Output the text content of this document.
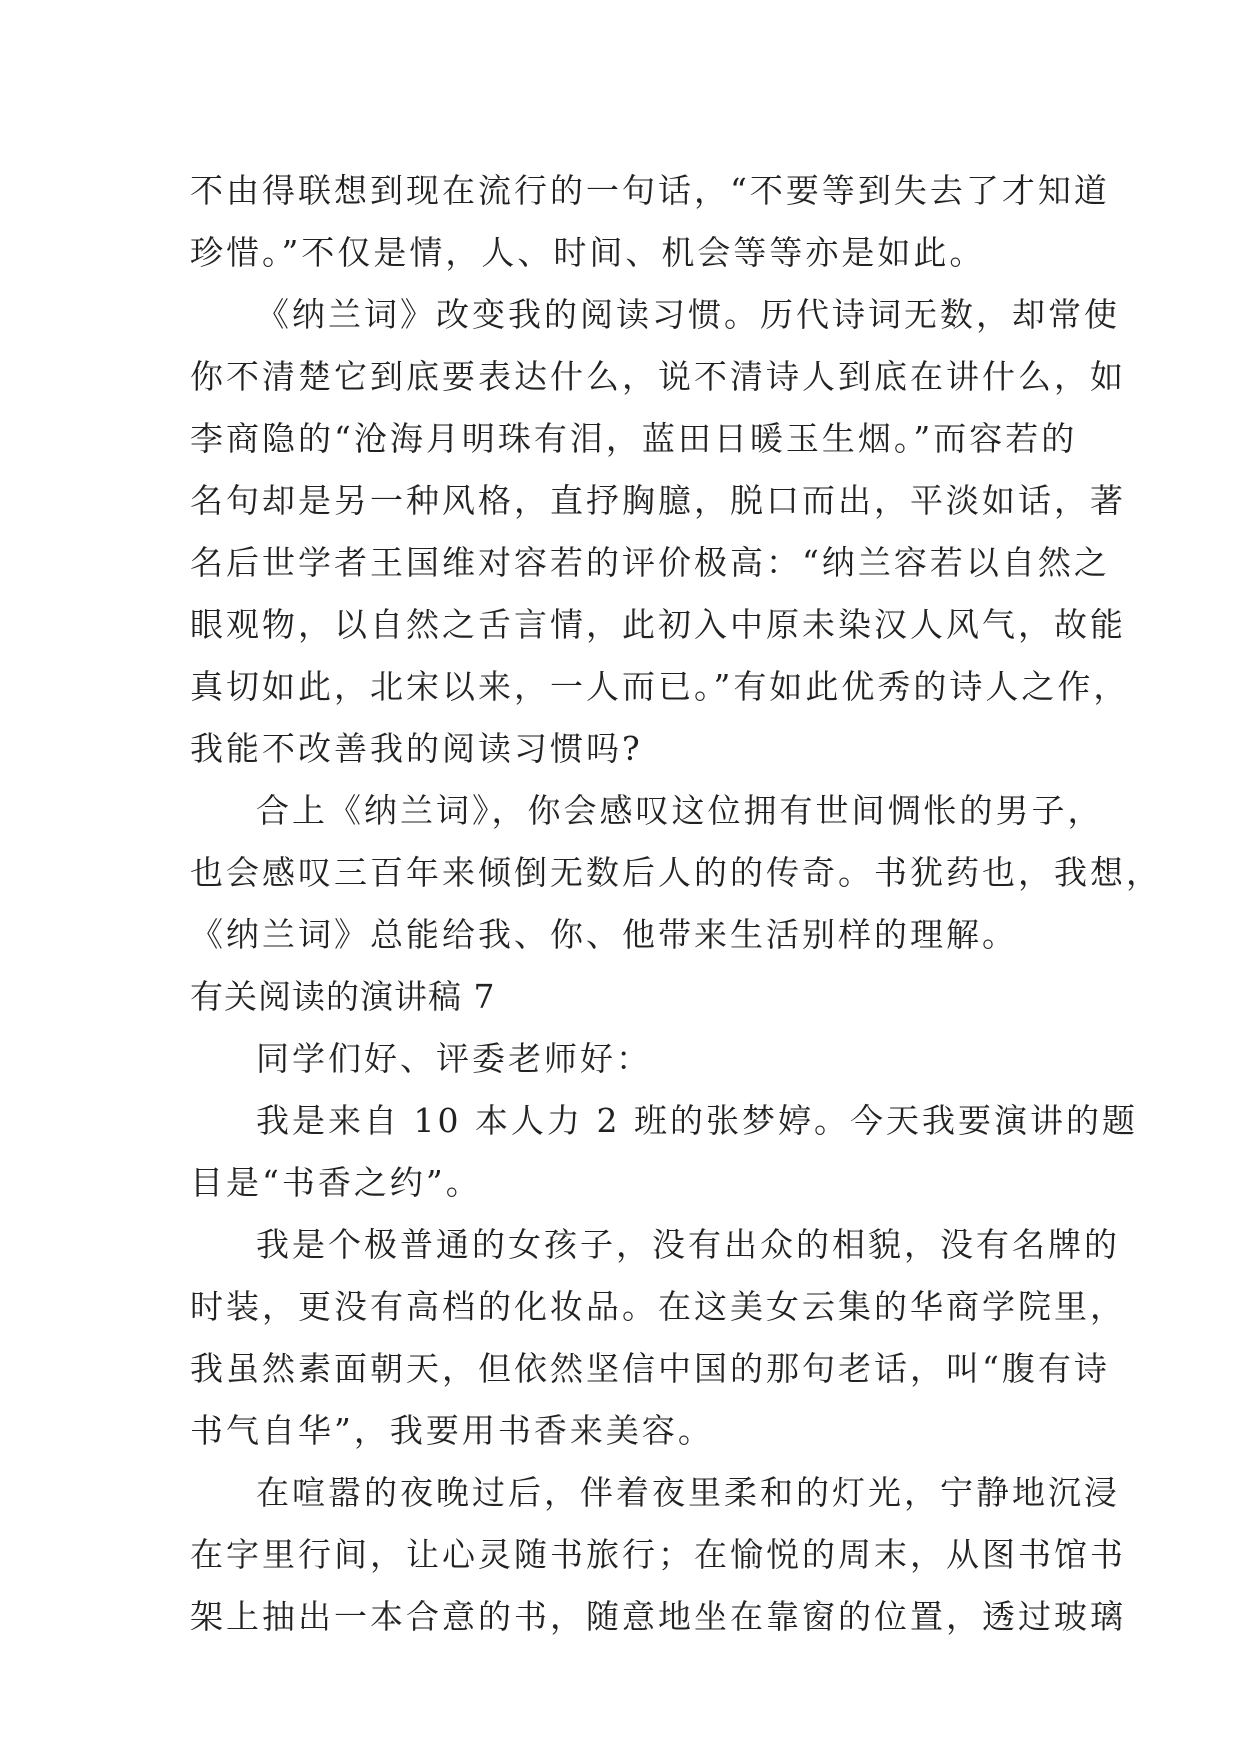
不由得联想到现在流行的一句话，“不要等到失去了才知道
珍惜。”不仅是情，人、时间、机会等等亦是如此。
《纳兰词》改变我的阅读习惯。历代诗词无数，却常使
你不清楚它到底要表达什么，说不清诗人到底在讲什么，如
李商隐的“沧海月明珠有泪，蓝田日暖玉生烟。”而容若的
名句却是另一种风格，直抒胸臆，脱口而出，平淡如话，著
名后世学者王国维对容若的评价极高：“纳兰容若以自然之
眼观物，以自然之舌言情，此初入中原未染汉人风气，故能
真切如此，北宋以来，一人而已。”有如此优秀的诗人之作，
我能不改善我的阅读习惯吗?
合上《纳兰词》，你会感叹这位拥有世间惆怅的男子，
也会感叹三百年来倾倒无数后人的的传奇。书犹药也，我想，
《纳兰词》总能给我、你、他带来生活别样的理解。
有关阅读的演讲稿 7
同学们好、评委老师好：
我是来自 10 本人力 2 班的张梦婷。今天我要演讲的题
目是“书香之约”。
我是个极普通的女孩子，没有出众的相貌，没有名牌的
时装，更没有高档的化妆品。在这美女云集的华商学院里，
我虽然素面朝天，但依然坚信中国的那句老话，叫“腹有诗
书气自华”，我要用书香来美容。
在喧嚣的夜晚过后，伴着夜里柔和的灯光，宁静地沉浸
在字里行间，让心灵随书旅行；在愉悦的周末，从图书馆书
架上抽出一本合意的书，随意地坐在靠窗的位置，透过玻璃
